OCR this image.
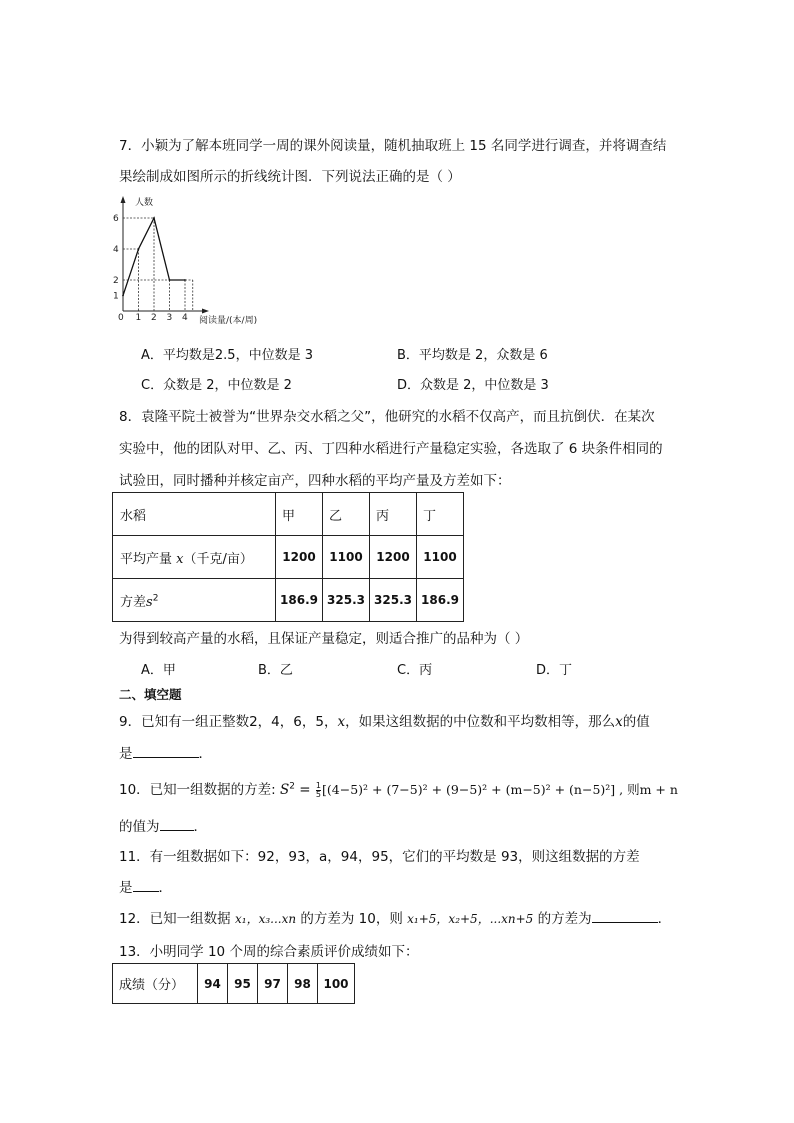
7．小颖为了解本班同学一周的课外阅读量，随机抽取班上 15 名同学进行调查，并将调查结
果绘制成如图所示的折线统计图．下列说法正确的是（ ）
1 2 3 4
1
2
4
6
人数
阅读量/(本/周)
0
A．平均数是2.5，中位数是 3	B．平均数是 2，众数是 6
C．众数是 2，中位数是 2	D．众数是 2，中位数是 3
8．袁隆平院士被誉为“世界杂交水稻之父”，他研究的水稻不仅高产，而且抗倒伏．在某次
实验中，他的团队对甲、乙、丙、丁四种水稻进行产量稳定实验，各选取了 6 块条件相同的
试验田，同时播种并核定亩产，四种水稻的平均产量及方差如下：
水稻	甲	乙	丙	丁
平均产量 x（千克/亩）	1200	1100	1200	1100
方差$s^2$	186.9	325.3	325.3	186.9
为得到较高产量的水稻，且保证产量稳定，则适合推广的品种为（ ）
A．甲	B．乙	C．丙	D．丁
二、填空题
9．已知有一组正整数2，4，6，5，x，如果这组数据的中位数和平均数相等，那么x的值
是	．
10．已知一组数据的方差: $S^2 = \frac{1}{5} [(4-5)^2 + (7-5)^2 + (9-5)^2 + (m-5)^2 + (n-5)^2]$ , 则m + n
的值为	．
11．有一组数据如下：92，93，a，94，95，它们的平均数是 93，则这组数据的方差
是 ．
12．已知一组数据 x₁，x₃...xn 的方差为 10，则 x₁+5，x₂+5，...xn+5 的方差为	．
13．小明同学 10 个周的综合素质评价成绩如下：
成绩（分）	94	95	97	98	100
